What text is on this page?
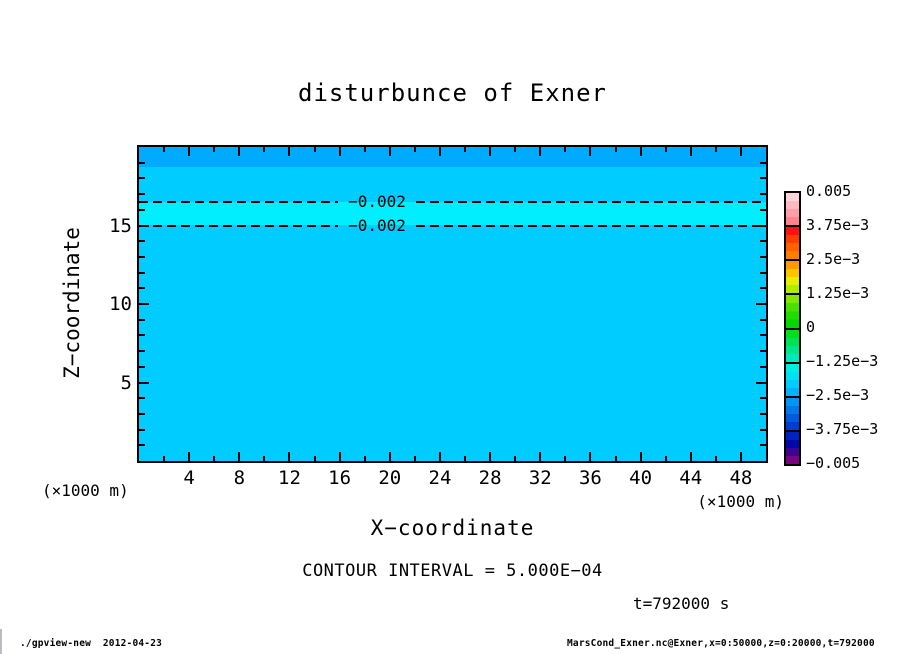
disturbunce of Exner
−0.002
−0.002
Z−coordinate
X−coordinate
(×1000 m)
(×1000 m)
0.005
3.75e−3
2.5e−3
1.25e−3
0
−1.25e−3
−2.5e−3
−3.75e−3
−0.005
4	8	12	16	20	24	28	32	36	40	44	48
5
10
15
CONTOUR INTERVAL = 5.000E−04
t=792000 s
./gpview-new  2012-04-23	MarsCond_Exner.nc@Exner,x=0:50000,z=0:20000,t=792000
